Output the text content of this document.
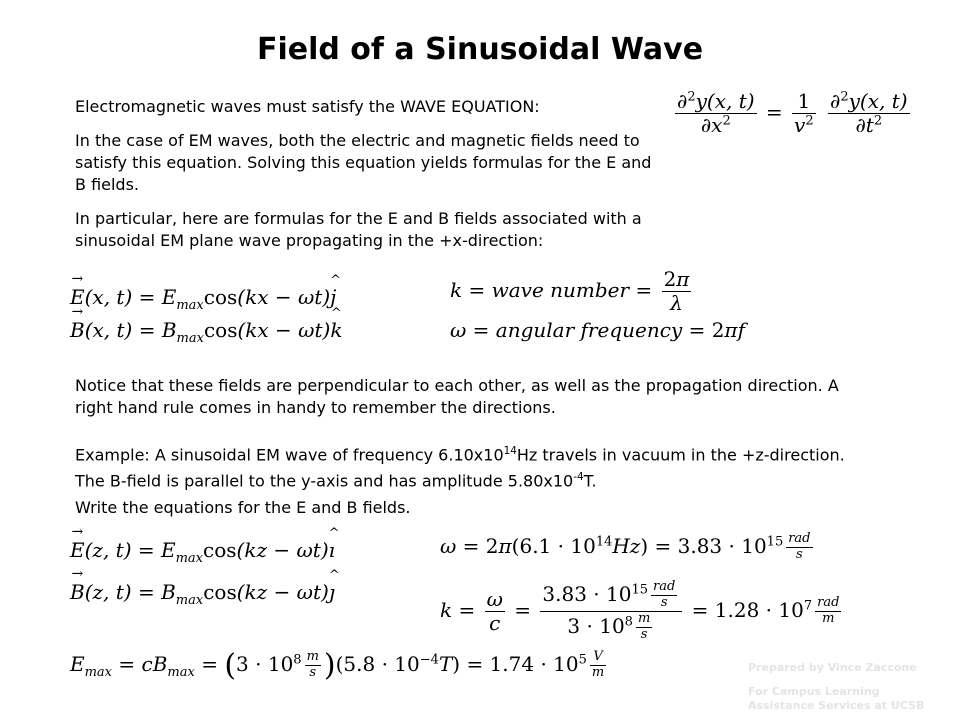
Field of a Sinusoidal Wave
Electromagnetic waves must satisfy the WAVE EQUATION:
In the case of EM waves, both the electric and magnetic fields need to satisfy this equation. Solving this equation yields formulas for the E and B fields.
In particular, here are formulas for the E and B fields associated with a sinusoidal EM plane wave propagating in the +x-direction:
Notice that these fields are perpendicular to each other, as well as the propagation direction. A right hand rule comes in handy to remember the directions.
Example: A sinusoidal EM wave of frequency $6.10x10^{14}Hz$ travels in vacuum in the +z-direction. The B-field is parallel to the y-axis and has amplitude $5.80x10^{-4}T$.
Write the equations for the E and B fields.
$\frac{\partial^2y(x, t)}{\partial x^2} = \frac{1}{v^2}$
$\frac{\partial^2y(x, t)}{\partial t^2}$
→ E(x, $t) = E_{max}\cos(kx$ − ωt)^ j
→ B(x, $t) = B_{max}\cos(kx$ − ωt)^ k
k = wave number = $\frac{2\pi}{\lambda}$
ω = angular frequency = 2πf
→ E(z, $t) = E_{max}\cos(kz$ − ωt)^ ı
→ B(z, $t) = B_{max}\cos(kz$ − ωt)^ ȷ
$\omega = 2\pi(6.1 \cdot 10^{14}Hz) = 3.83 \cdot 10^{15} \frac{\text{rad}}{s}$
$k = \frac{\omega}{c} = \frac{3.83 \cdot 10^{15} \frac{\text{rad}}{s}}{3 \cdot 10^8 \frac{m}{s}} = 1.28 \cdot 10^7 \frac{\text{rad}}{m}$
$E_{max} = cB_{max} = (3 \cdot 10^8 \frac{m}{s} )(5.8 \cdot 10^{-4}T) = 1.74 \cdot 10^5 \frac{V}{m}$	Prepared by Vince Zaccone
For Campus Learning Assistance Services at UCSB
